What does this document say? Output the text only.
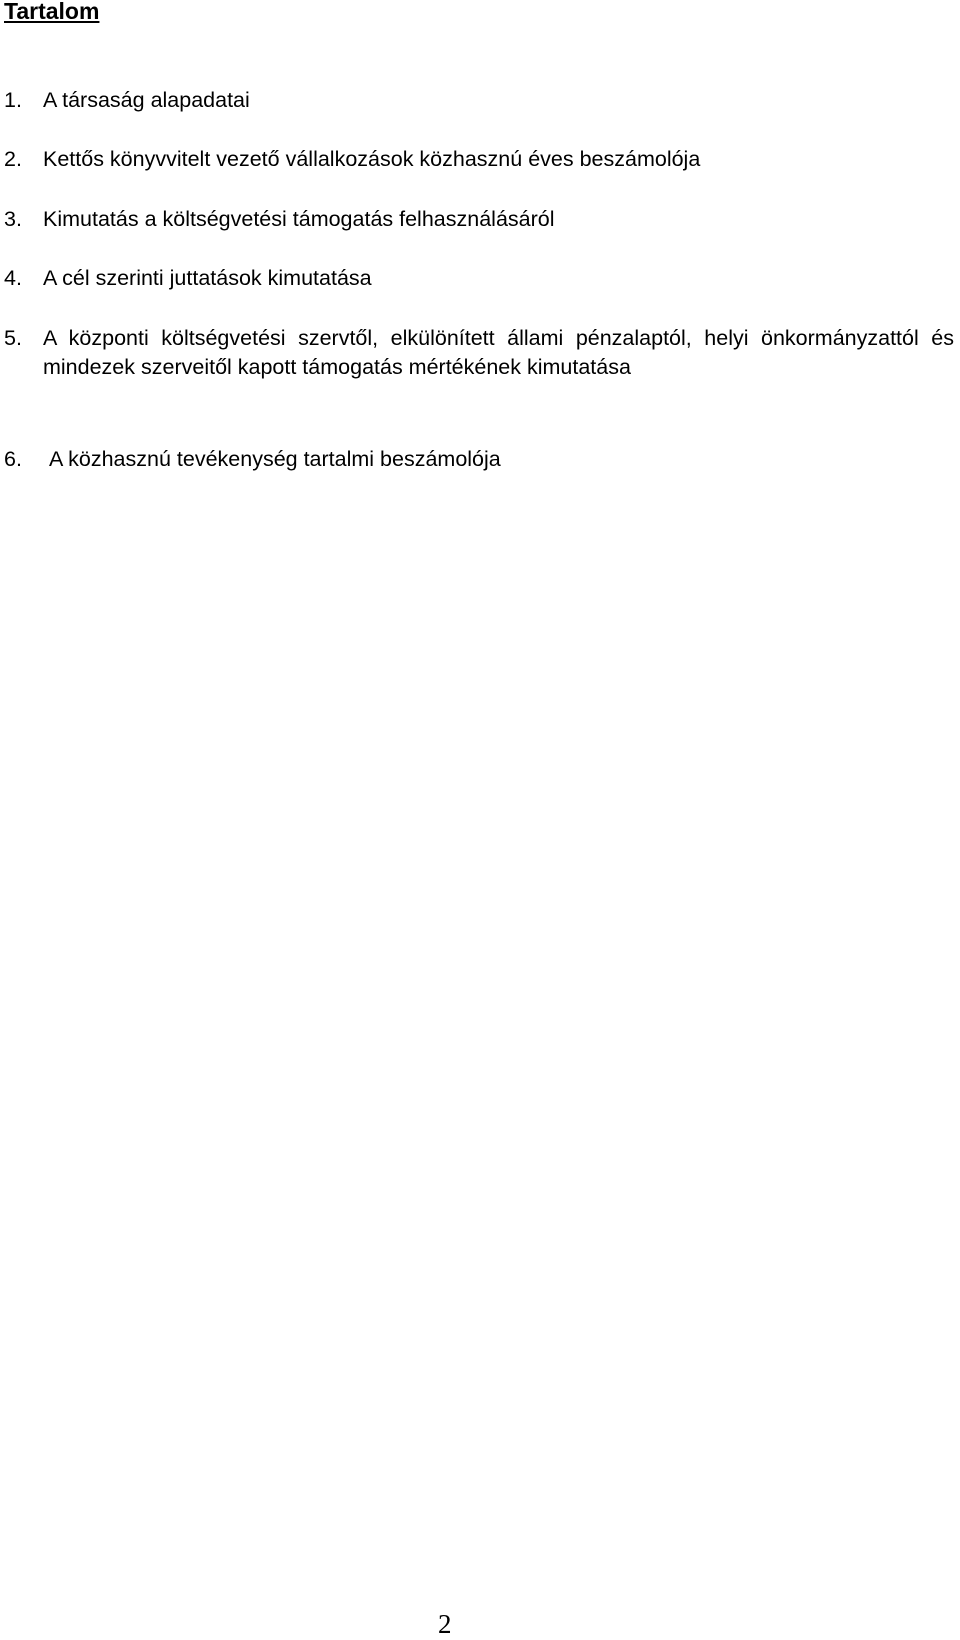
Tartalom
1. A társaság alapadatai
2. Kettős könyvvitelt vezető vállalkozások közhasznú éves beszámolója
3. Kimutatás a költségvetési támogatás felhasználásáról
4. A cél szerinti juttatások kimutatása
5. A központi költségvetési szervtől, elkülönített állami pénzalaptól, helyi önkormányzattól és mindezek szerveitől kapott támogatás mértékének kimutatása
6. A közhasznú tevékenység tartalmi beszámolója
2
